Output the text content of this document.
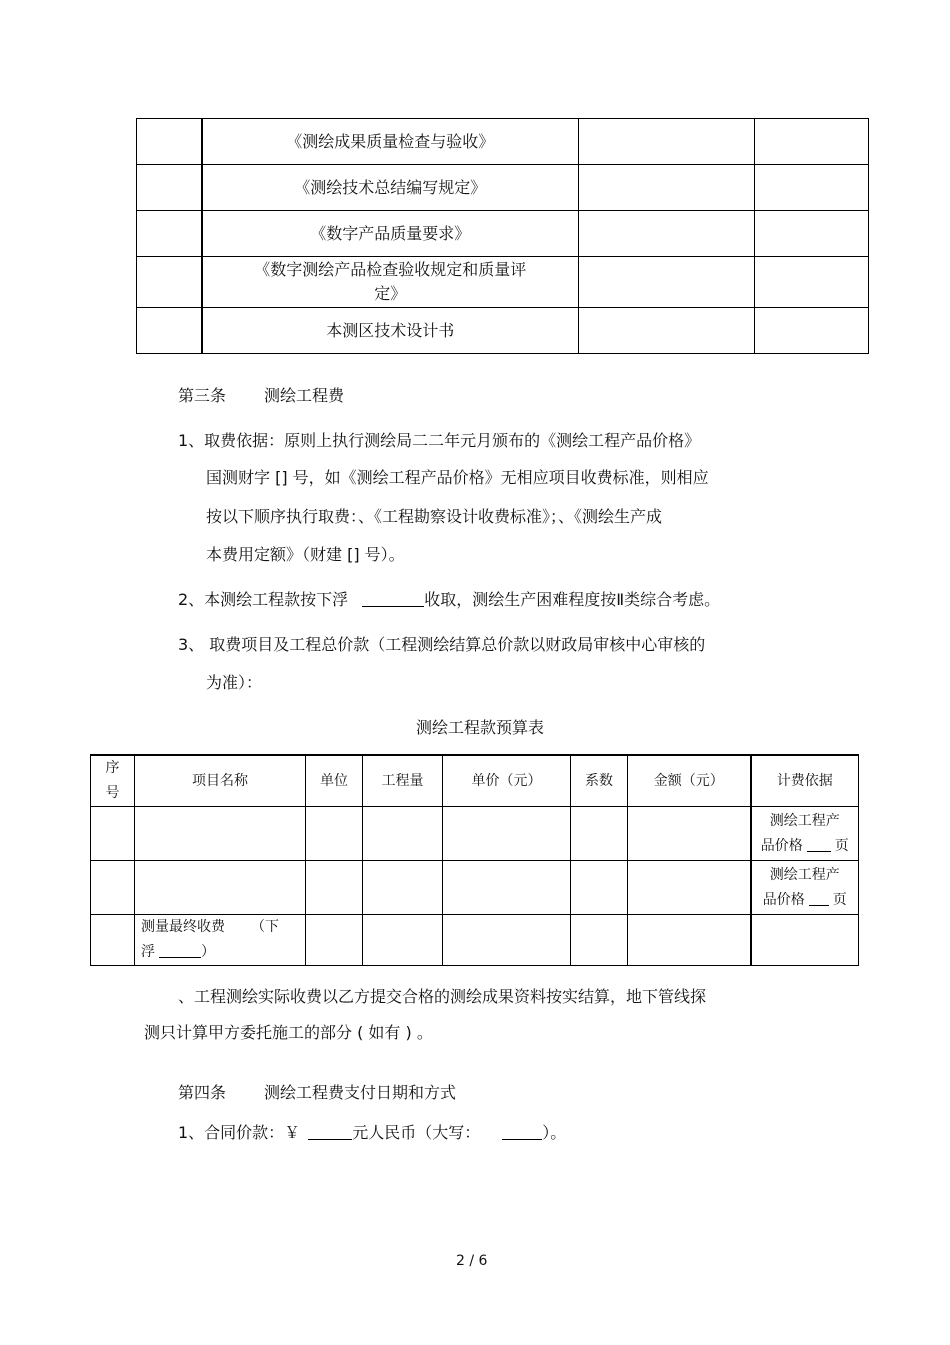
	《测绘成果质量检查与验收》		
	《测绘技术总结编写规定》		
	《数字产品质量要求》		

	《数字测绘产品检查验收规定和质量评
定》		

	本测区技术设计书		
第三条 测绘工程费
1、取费依据：原则上执行测绘局二二年元月颁布的《测绘工程产品价格》
国测财字 [] 号，如《测绘工程产品价格》无相应项目收费标准，则相应
按以下顺序执行取费：、《工程勘察设计收费标准》；、《测绘生产成
本费用定额》（财建 [] 号）。
2、本测绘工程款按下浮	收取，测绘生产困难程度按Ⅱ类综合考虑。
3、 取费项目及工程总价款（工程测绘结算总价款以财政局审核中心审核的
为准）：
测绘工程款预算表
序
号	项目名称	单位	工程量	单价（元）	系数	金额（元）	计费依据

							测绘工程产
品价格 页

							测绘工程产
品价格 页

	测量最终收费 （下
浮 ）						

、工程测绘实际收费以乙方提交合格的测绘成果资料按实结算，地下管线探
测只计算甲方委托施工的部分 ( 如有 ) 。
第四条 测绘工程费支付日期和方式
1、合同价款：￥	元人民币（大写：	）。
2 / 6
